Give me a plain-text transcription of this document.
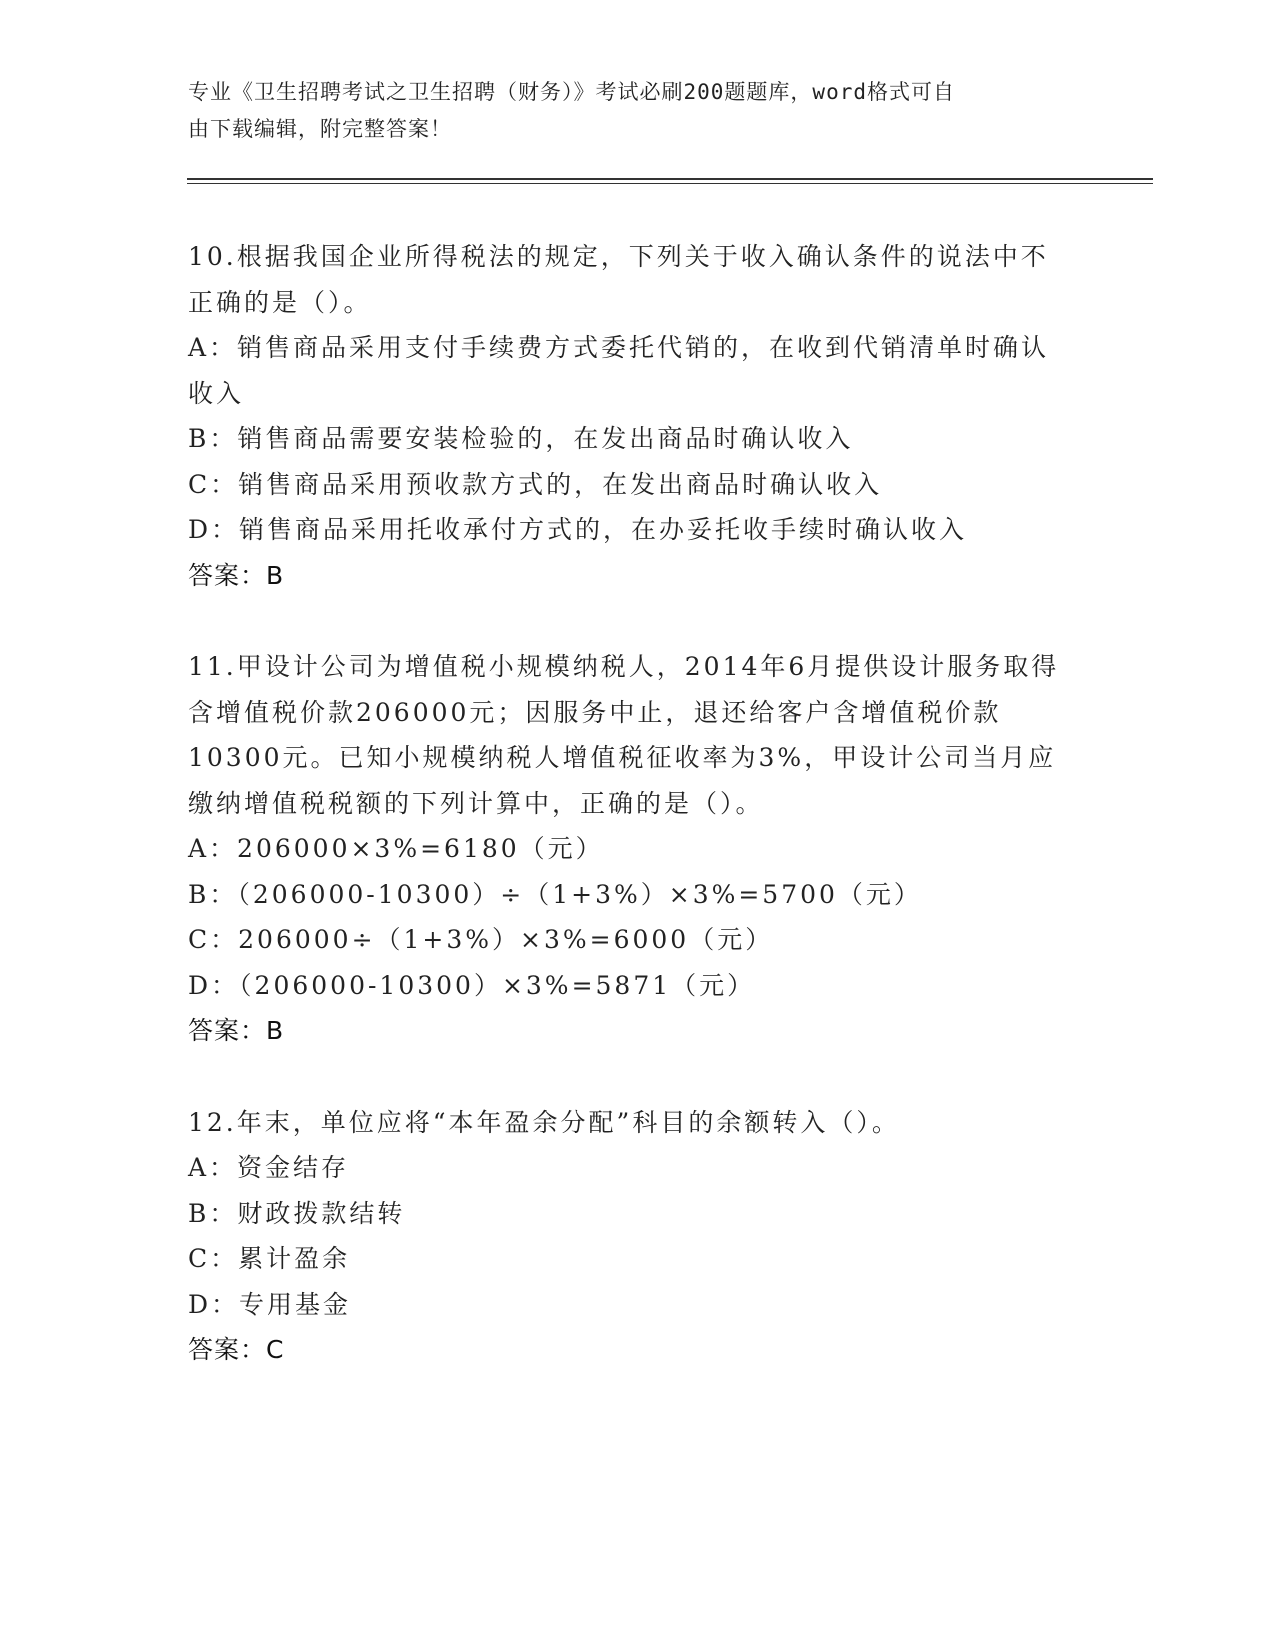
专业《卫生招聘考试之卫生招聘（财务）》考试必刷200题题库，word格式可自
由下载编辑，附完整答案！
10.根据我国企业所得税法的规定，下列关于收入确认条件的说法中不
正确的是（）。
A：销售商品采用支付手续费方式委托代销的，在收到代销清单时确认
收入
B：销售商品需要安装检验的，在发出商品时确认收入
C：销售商品采用预收款方式的，在发出商品时确认收入
D：销售商品采用托收承付方式的，在办妥托收手续时确认收入
答案：B
11.甲设计公司为增值税小规模纳税人，2014年6月提供设计服务取得
含增值税价款206000元；因服务中止，退还给客户含增值税价款
10300元。已知小规模纳税人增值税征收率为3%，甲设计公司当月应
缴纳增值税税额的下列计算中，正确的是（）。
A：206000×3%=6180（元）
B：（206000-10300）÷（1+3%）×3%=5700（元）
C：206000÷（1+3%）×3%=6000（元）
D：（206000-10300）×3%=5871（元）
答案：B
12.年末，单位应将“本年盈余分配”科目的余额转入（）。
A：资金结存
B：财政拨款结转
C：累计盈余
D：专用基金
答案：C
